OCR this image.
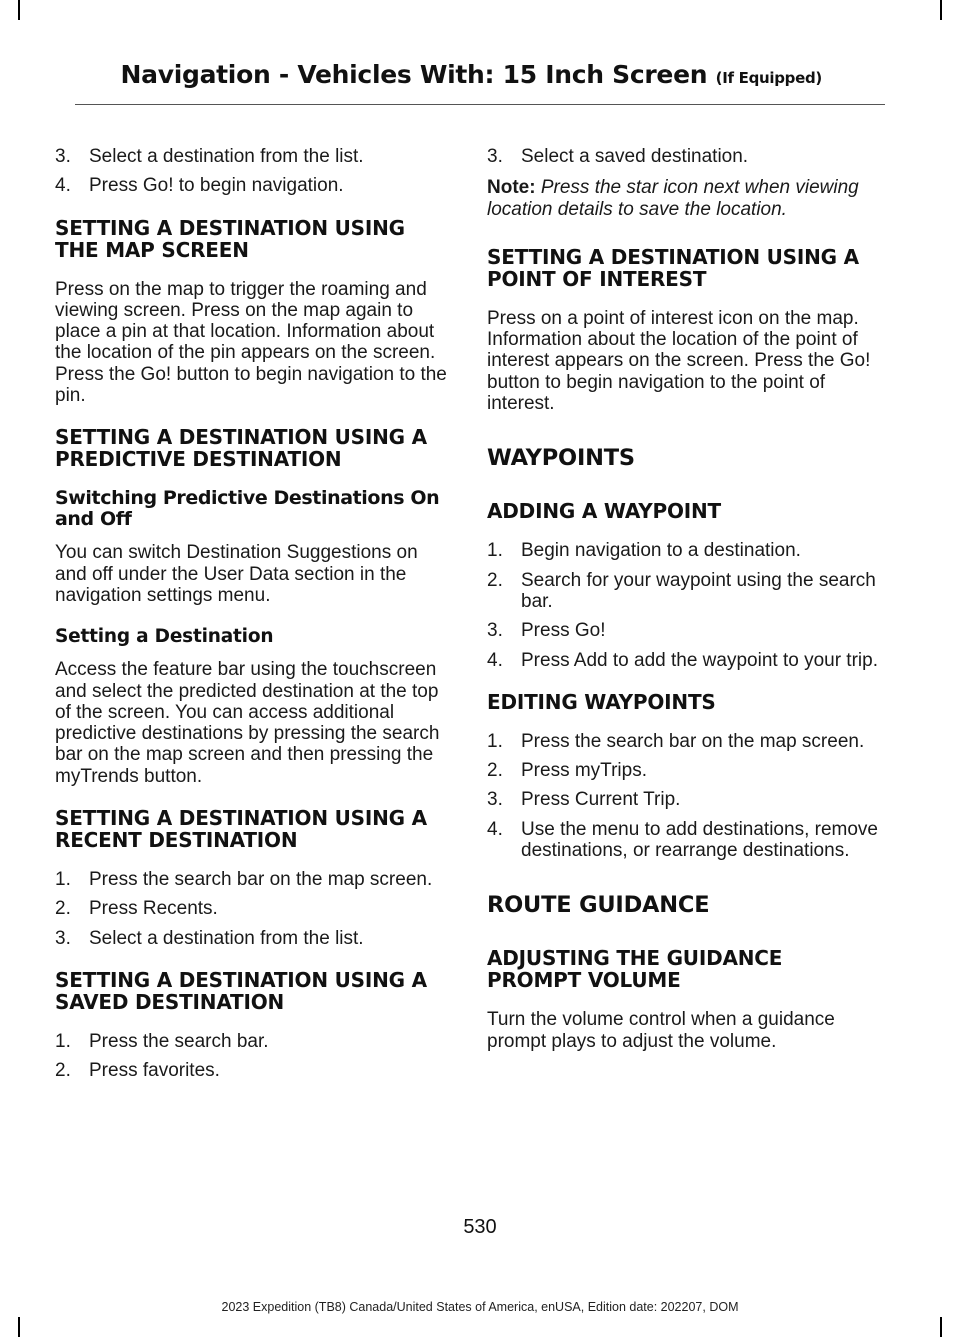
Navigation - Vehicles With: 15 Inch Screen (If Equipped)
3. Select a destination from the list.
4. Press Go! to begin navigation.
SETTING A DESTINATION USING THE MAP SCREEN

Press on the map to trigger the roaming and viewing screen. Press on the map again to place a pin at that location. Information about the location of the pin appears on the screen. Press the Go! button to begin navigation to the pin.

SETTING A DESTINATION USING A PREDICTIVE DESTINATION
Switching Predictive Destinations On and Off

You can switch Destination Suggestions on and off under the User Data section in the navigation settings menu.

Setting a Destination

Access the feature bar using the touchscreen and select the predicted destination at the top of the screen. You can access additional predictive destinations by pressing the search bar on the map screen and then pressing the myTrends button.

SETTING A DESTINATION USING A RECENT DESTINATION
1. Press the search bar on the map screen.
2. Press Recents.
3. Select a destination from the list.
SETTING A DESTINATION USING A SAVED DESTINATION
1. Press the search bar.
2. Press favorites.
3. Select a saved destination.

Note: Press the star icon next when viewing location details to save the location.

SETTING A DESTINATION USING A POINT OF INTEREST

Press on a point of interest icon on the map. Information about the location of the point of interest appears on the screen. Press the Go! button to begin navigation to the point of interest.

WAYPOINTS
ADDING A WAYPOINT
1. Begin navigation to a destination.
2. Search for your waypoint using the search bar.
3. Press Go!
4. Press Add to add the waypoint to your trip.
EDITING WAYPOINTS
1. Press the search bar on the map screen.
2. Press myTrips.
3. Press Current Trip.
4. Use the menu to add destinations, remove destinations, or rearrange destinations.
ROUTE GUIDANCE
ADJUSTING THE GUIDANCE PROMPT VOLUME

Turn the volume control when a guidance prompt plays to adjust the volume.

530
2023 Expedition (TB8) Canada/United States of America, enUSA, Edition date: 202207, DOM
